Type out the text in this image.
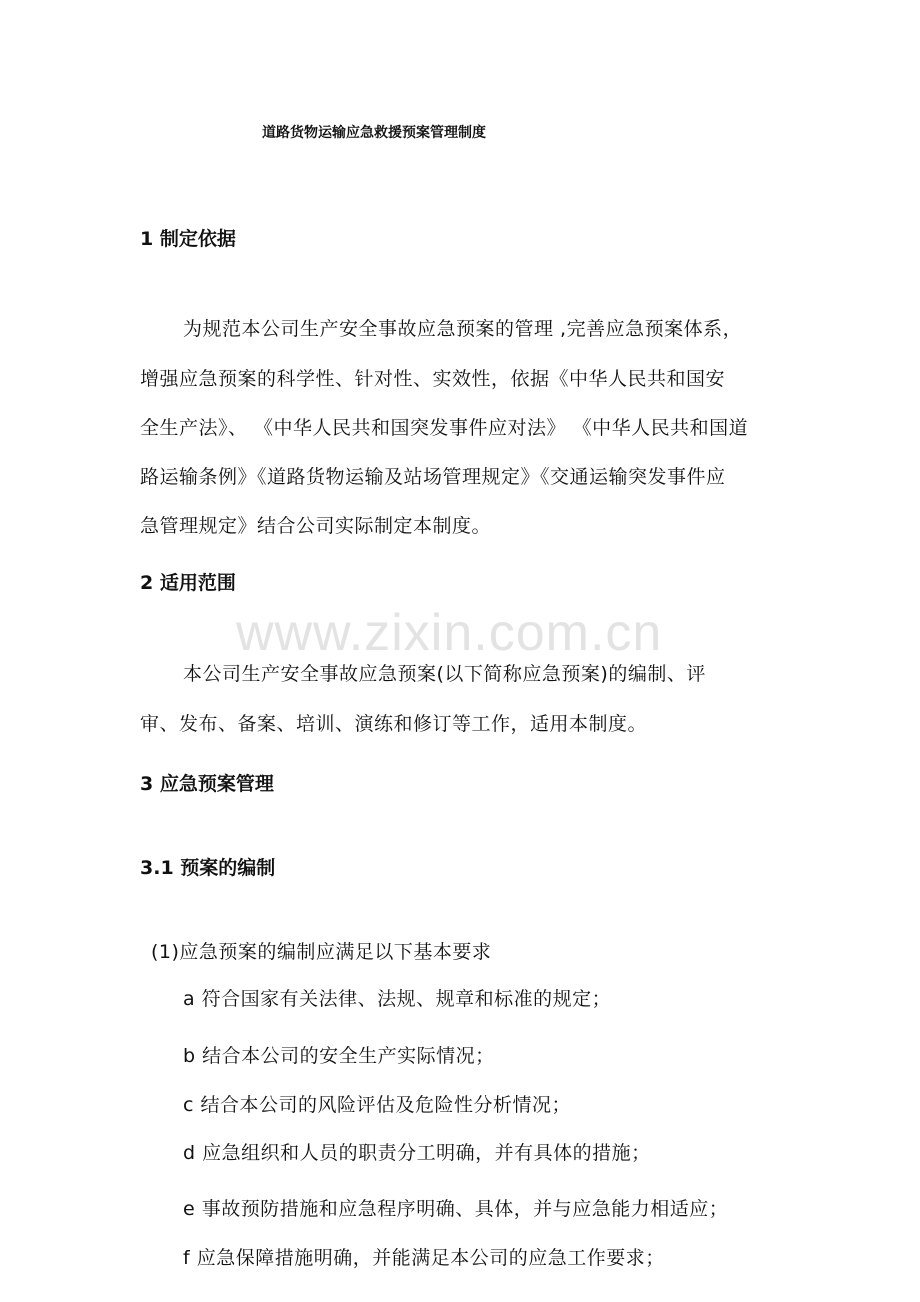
www.zixin.com.cn
道路货物运输应急救援预案管理制度
1 制定依据
为规范本公司生产安全事故应急预案的管理 ,完善应急预案体系，
增强应急预案的科学性、针对性、实效性，依据《中华人民共和国安
全生产法》、 《中华人民共和国突发事件应对法》 《中华人民共和国道
路运输条例》《道路货物运输及站场管理规定》《交通运输突发事件应
急管理规定》结合公司实际制定本制度。
2 适用范围
本公司生产安全事故应急预案(以下简称应急预案)的编制、评
审、发布、备案、培训、演练和修订等工作，适用本制度。
3 应急预案管理
3.1 预案的编制
(1)应急预案的编制应满足以下基本要求
a 符合国家有关法律、法规、规章和标准的规定；
b 结合本公司的安全生产实际情况；
c 结合本公司的风险评估及危险性分析情况；
d 应急组织和人员的职责分工明确，并有具体的措施；
e 事故预防措施和应急程序明确、具体，并与应急能力相适应；
f 应急保障措施明确，并能满足本公司的应急工作要求；
